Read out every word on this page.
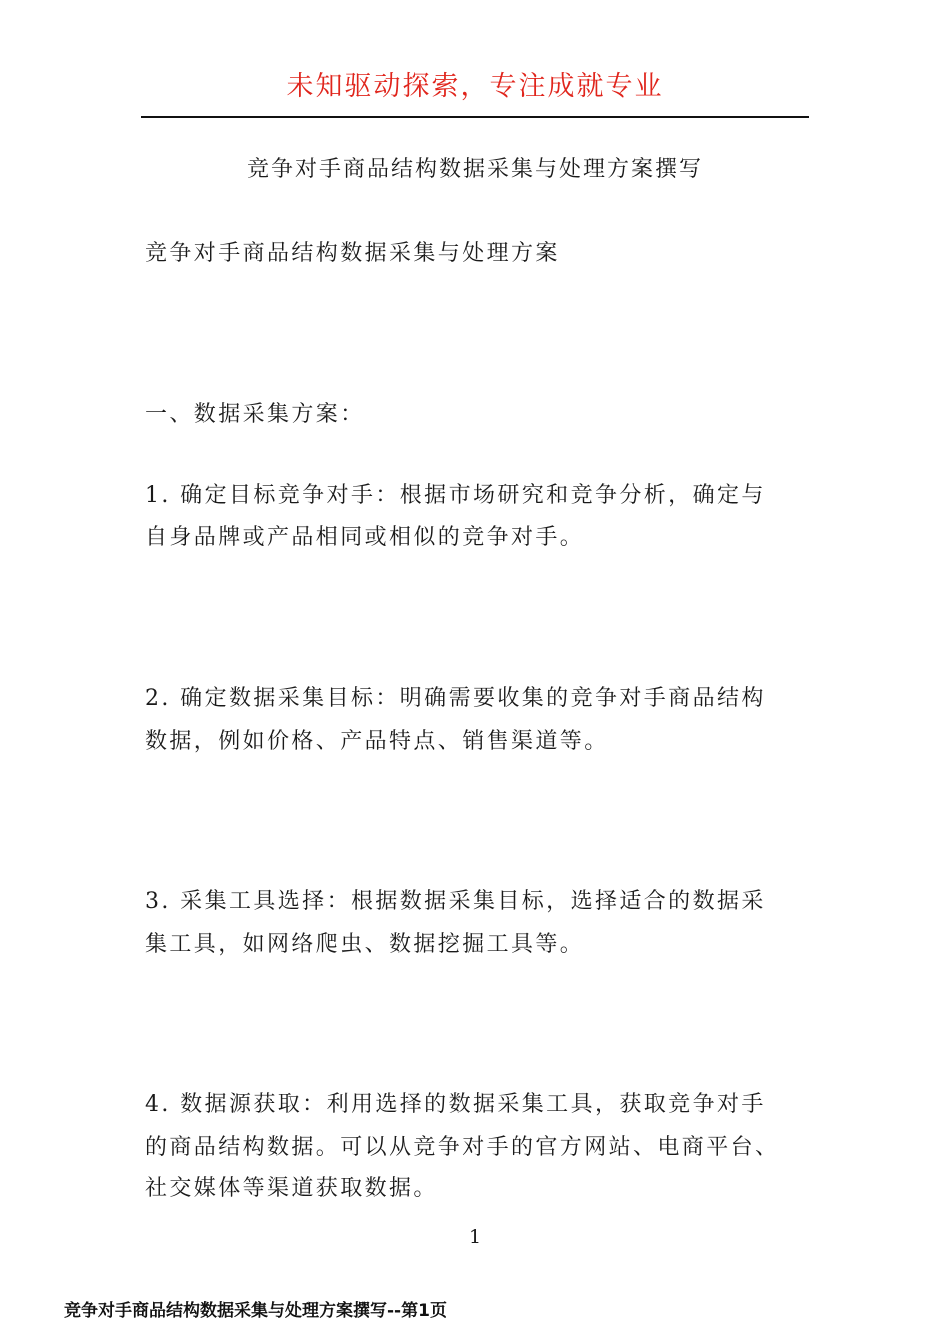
未知驱动探索，专注成就专业
竞争对手商品结构数据采集与处理方案撰写
竞争对手商品结构数据采集与处理方案
一、数据采集方案：
1. 确定目标竞争对手：根据市场研究和竞争分析，确定与
自身品牌或产品相同或相似的竞争对手。
2. 确定数据采集目标：明确需要收集的竞争对手商品结构
数据，例如价格、产品特点、销售渠道等。
3. 采集工具选择：根据数据采集目标，选择适合的数据采
集工具，如网络爬虫、数据挖掘工具等。
4. 数据源获取：利用选择的数据采集工具，获取竞争对手
的商品结构数据。可以从竞争对手的官方网站、电商平台、
社交媒体等渠道获取数据。
1
竞争对手商品结构数据采集与处理方案撰写--第1页
